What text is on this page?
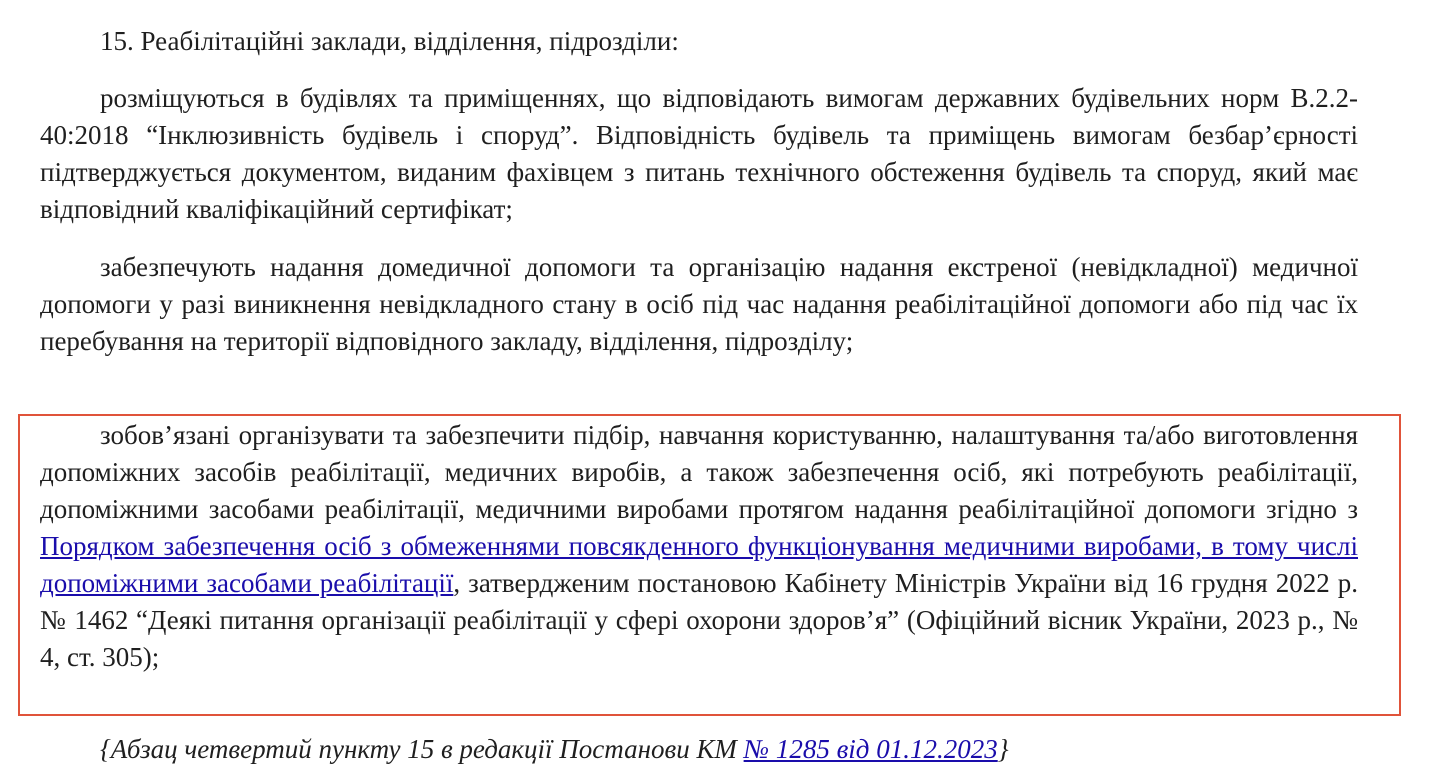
15. Реабілітаційні заклади, відділення, підрозділи:

розміщуються в будівлях та приміщеннях, що відповідають вимогам державних будівельних норм В.2.2-40:2018 “Інклюзивність будівель і споруд”. Відповідність будівель та приміщень вимогам безбар’єрності підтверджується документом, виданим фахівцем з питань технічного обстеження будівель та споруд, який має відповідний кваліфікаційний сертифікат;

забезпечують надання домедичної допомоги та організацію надання екстреної (невідкладної) медичної допомоги у разі виникнення невідкладного стану в осіб під час надання реабілітаційної допомоги або під час їх перебування на території відповідного закладу, відділення, підрозділу;

зобов’язані організувати та забезпечити підбір, навчання користуванню, налаштування та/або виготовлення допоміжних засобів реабілітації, медичних виробів, а також забезпечення осіб, які потребують реабілітації, допоміжними засобами реабілітації, медичними виробами протягом надання реабілітаційної допомоги згідно з Порядком забезпечення осіб з обмеженнями повсякденного функціонування медичними виробами, в тому числі допоміжними засобами реабілітації, затвердженим постановою Кабінету Міністрів України від 16 грудня 2022 р. № 1462 “Деякі питання організації реабілітації у сфері охорони здоров’я” (Офіційний вісник України, 2023 р., № 4, ст. 305);

{Абзац четвертий пункту 15 в редакції Постанови КМ № 1285 від 01.12.2023}
